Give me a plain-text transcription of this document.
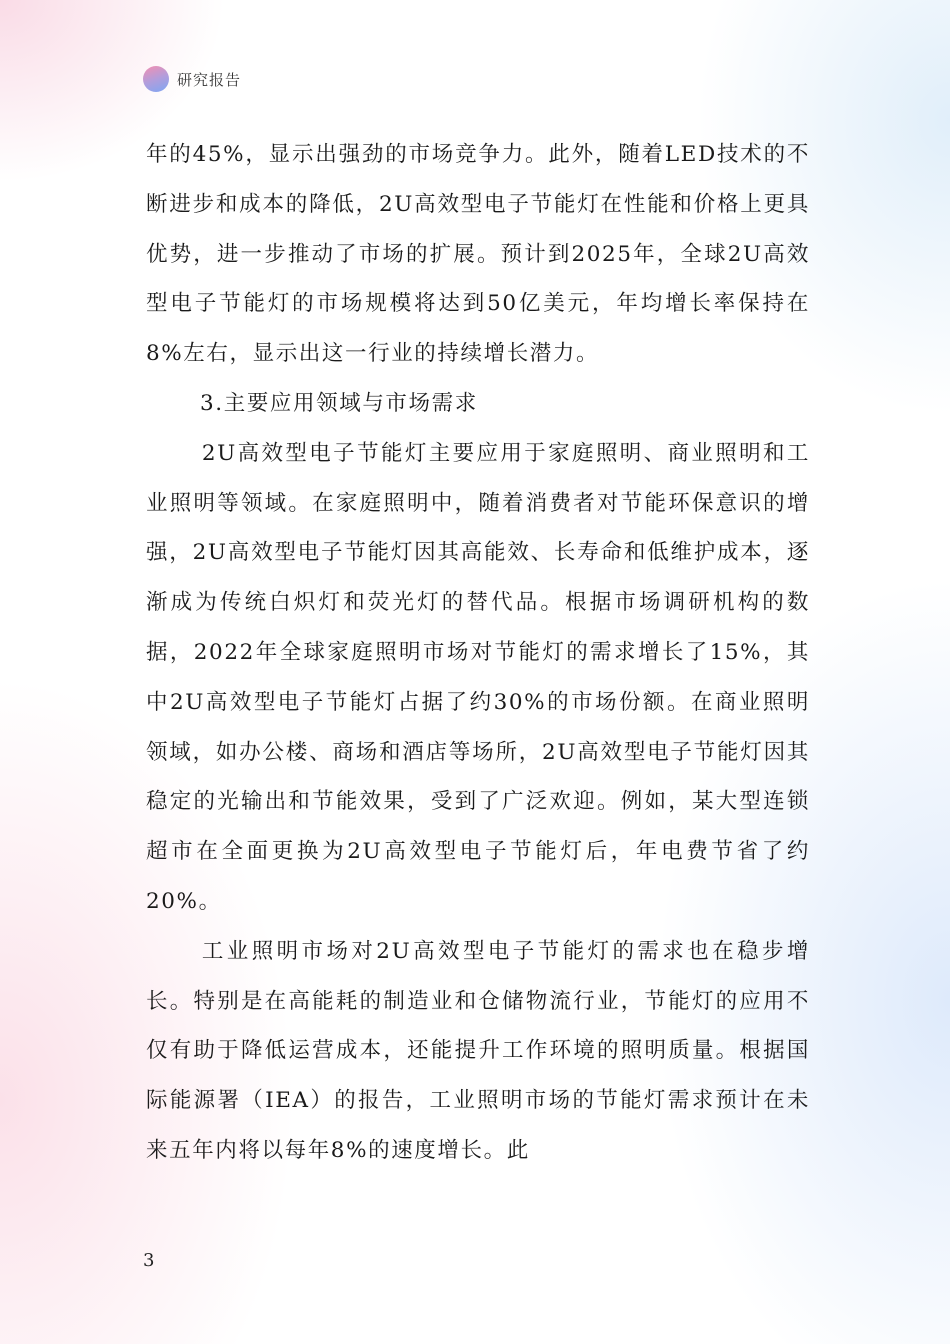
研究报告

年的45%，显示出强劲的市场竞争力。此外，随着LED技术的不断进步和成本的降低，2U高效型电子节能灯在性能和价格上更具优势，进一步推动了市场的扩展。预计到2025年，全球2U高效型电子节能灯的市场规模将达到50亿美元，年均增长率保持在8%左右，显示出这一行业的持续增长潜力。

3.主要应用领域与市场需求

2U高效型电子节能灯主要应用于家庭照明、商业照明和工业照明等领域。在家庭照明中，随着消费者对节能环保意识的增强，2U高效型电子节能灯因其高能效、长寿命和低维护成本，逐渐成为传统白炽灯和荧光灯的替代品。根据市场调研机构的数据，2022年全球家庭照明市场对节能灯的需求增长了15%，其中2U高效型电子节能灯占据了约30%的市场份额。在商业照明领域，如办公楼、商场和酒店等场所，2U高效型电子节能灯因其稳定的光输出和节能效果，受到了广泛欢迎。例如，某大型连锁超市在全面更换为2U高效型电子节能灯后，年电费节省了约20%。

工业照明市场对2U高效型电子节能灯的需求也在稳步增长。特别是在高能耗的制造业和仓储物流行业，节能灯的应用不仅有助于降低运营成本，还能提升工作环境的照明质量。根据国际能源署（IEA）的报告，工业照明市场的节能灯需求预计在未来五年内将以每年8%的速度增长。此

3
